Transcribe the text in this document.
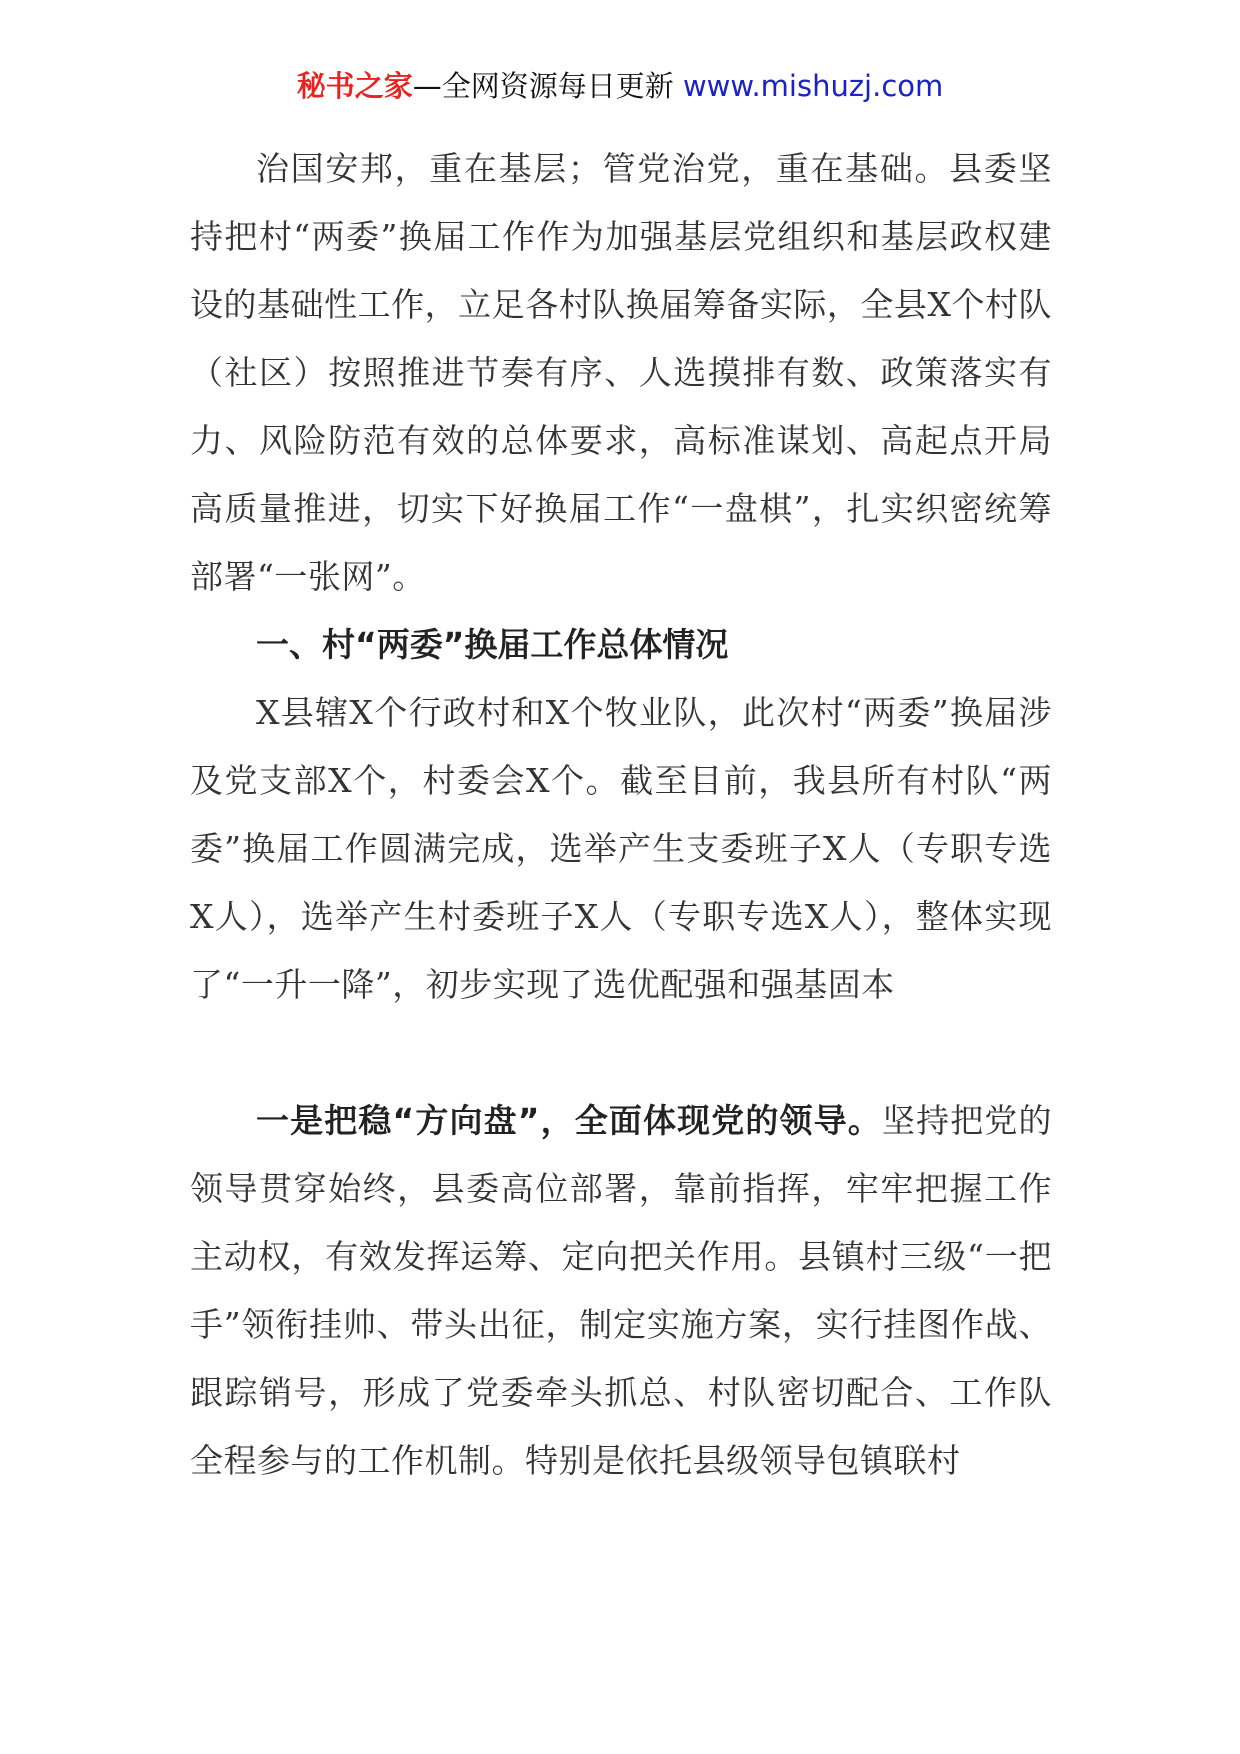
秘书之家—全网资源每日更新 www.mishuzj.com

治国安邦，重在基层；管党治党，重在基础。县委坚持把村“两委”换届工作作为加强基层党组织和基层政权建设的基础性工作，立足各村队换届筹备实际，全县X个村队（社区）按照推进节奏有序、人选摸排有数、政策落实有力、风险防范有效的总体要求，高标准谋划、高起点开局高质量推进，切实下好换届工作“一盘棋”，扎实织密统筹部署“一张网”。

一、村“两委”换届工作总体情况

X县辖X个行政村和X个牧业队，此次村“两委”换届涉及党支部X个，村委会X个。截至目前，我县所有村队“两委”换届工作圆满完成，选举产生支委班子X人（专职专选X人），选举产生村委班子X人（专职专选X人），整体实现了“一升一降”，初步实现了选优配强和强基固本

一是把稳“方向盘”，全面体现党的领导。坚持把党的领导贯穿始终，县委高位部署，靠前指挥，牢牢把握工作主动权，有效发挥运筹、定向把关作用。县镇村三级“一把手”领衔挂帅、带头出征，制定实施方案，实行挂图作战、跟踪销号，形成了党委牵头抓总、村队密切配合、工作队全程参与的工作机制。特别是依托县级领导包镇联村
